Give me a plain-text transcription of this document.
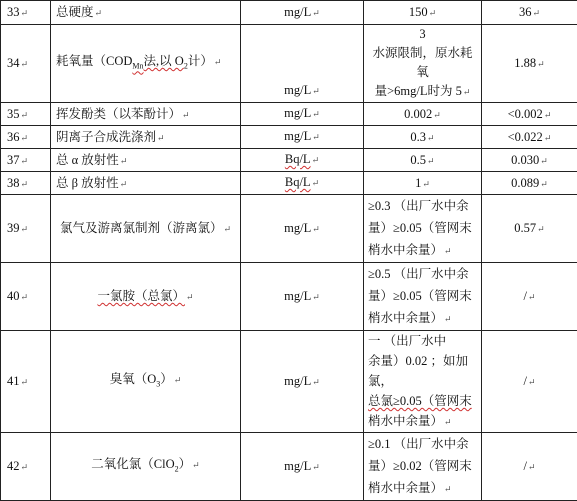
33↵	总硬度↵	mg/L↵	150↵	36↵
34↵	耗氧量（$COD_{Mn}$法,以 $O_2$计）↵	mg/L↵	3
水源限制，原水耗氧
量>6mg/L时为 5↵	1.88↵
35↵	挥发酚类（以苯酚计）↵	mg/L↵	0.002↵	<0.002↵
36↵	阴离子合成洗涤剂↵	mg/L↵	0.3↵	<0.022↵
37↵	总 α 放射性↵	Bq/L↵	0.5↵	0.030↵
38↵	总 β 放射性↵	Bq/L↵	1↵	0.089↵
39↵	氯气及游离氯制剂（游离氯）↵	mg/L↵	≥0.3 （出厂水中余
量）≥0.05（管网末
梢水中余量）↵	0.57↵
40↵	一氯胺（总氯）↵	mg/L↵	≥0.5 （出厂水中余
量）≥0.05（管网末
梢水中余量）↵	/↵
41↵	臭氧$(O_3)↵$	mg/L↵	一 （出厂水中
余量）0.02 ；如加氯，
总氯≥0.05（管网末
梢水中余量）↵	/↵
42↵	二氧化氯（ClO$_2$）↵	mg/L↵	≥0.1 （出厂水中余
量）≥0.02（管网末
梢水中余量）↵	/↵
